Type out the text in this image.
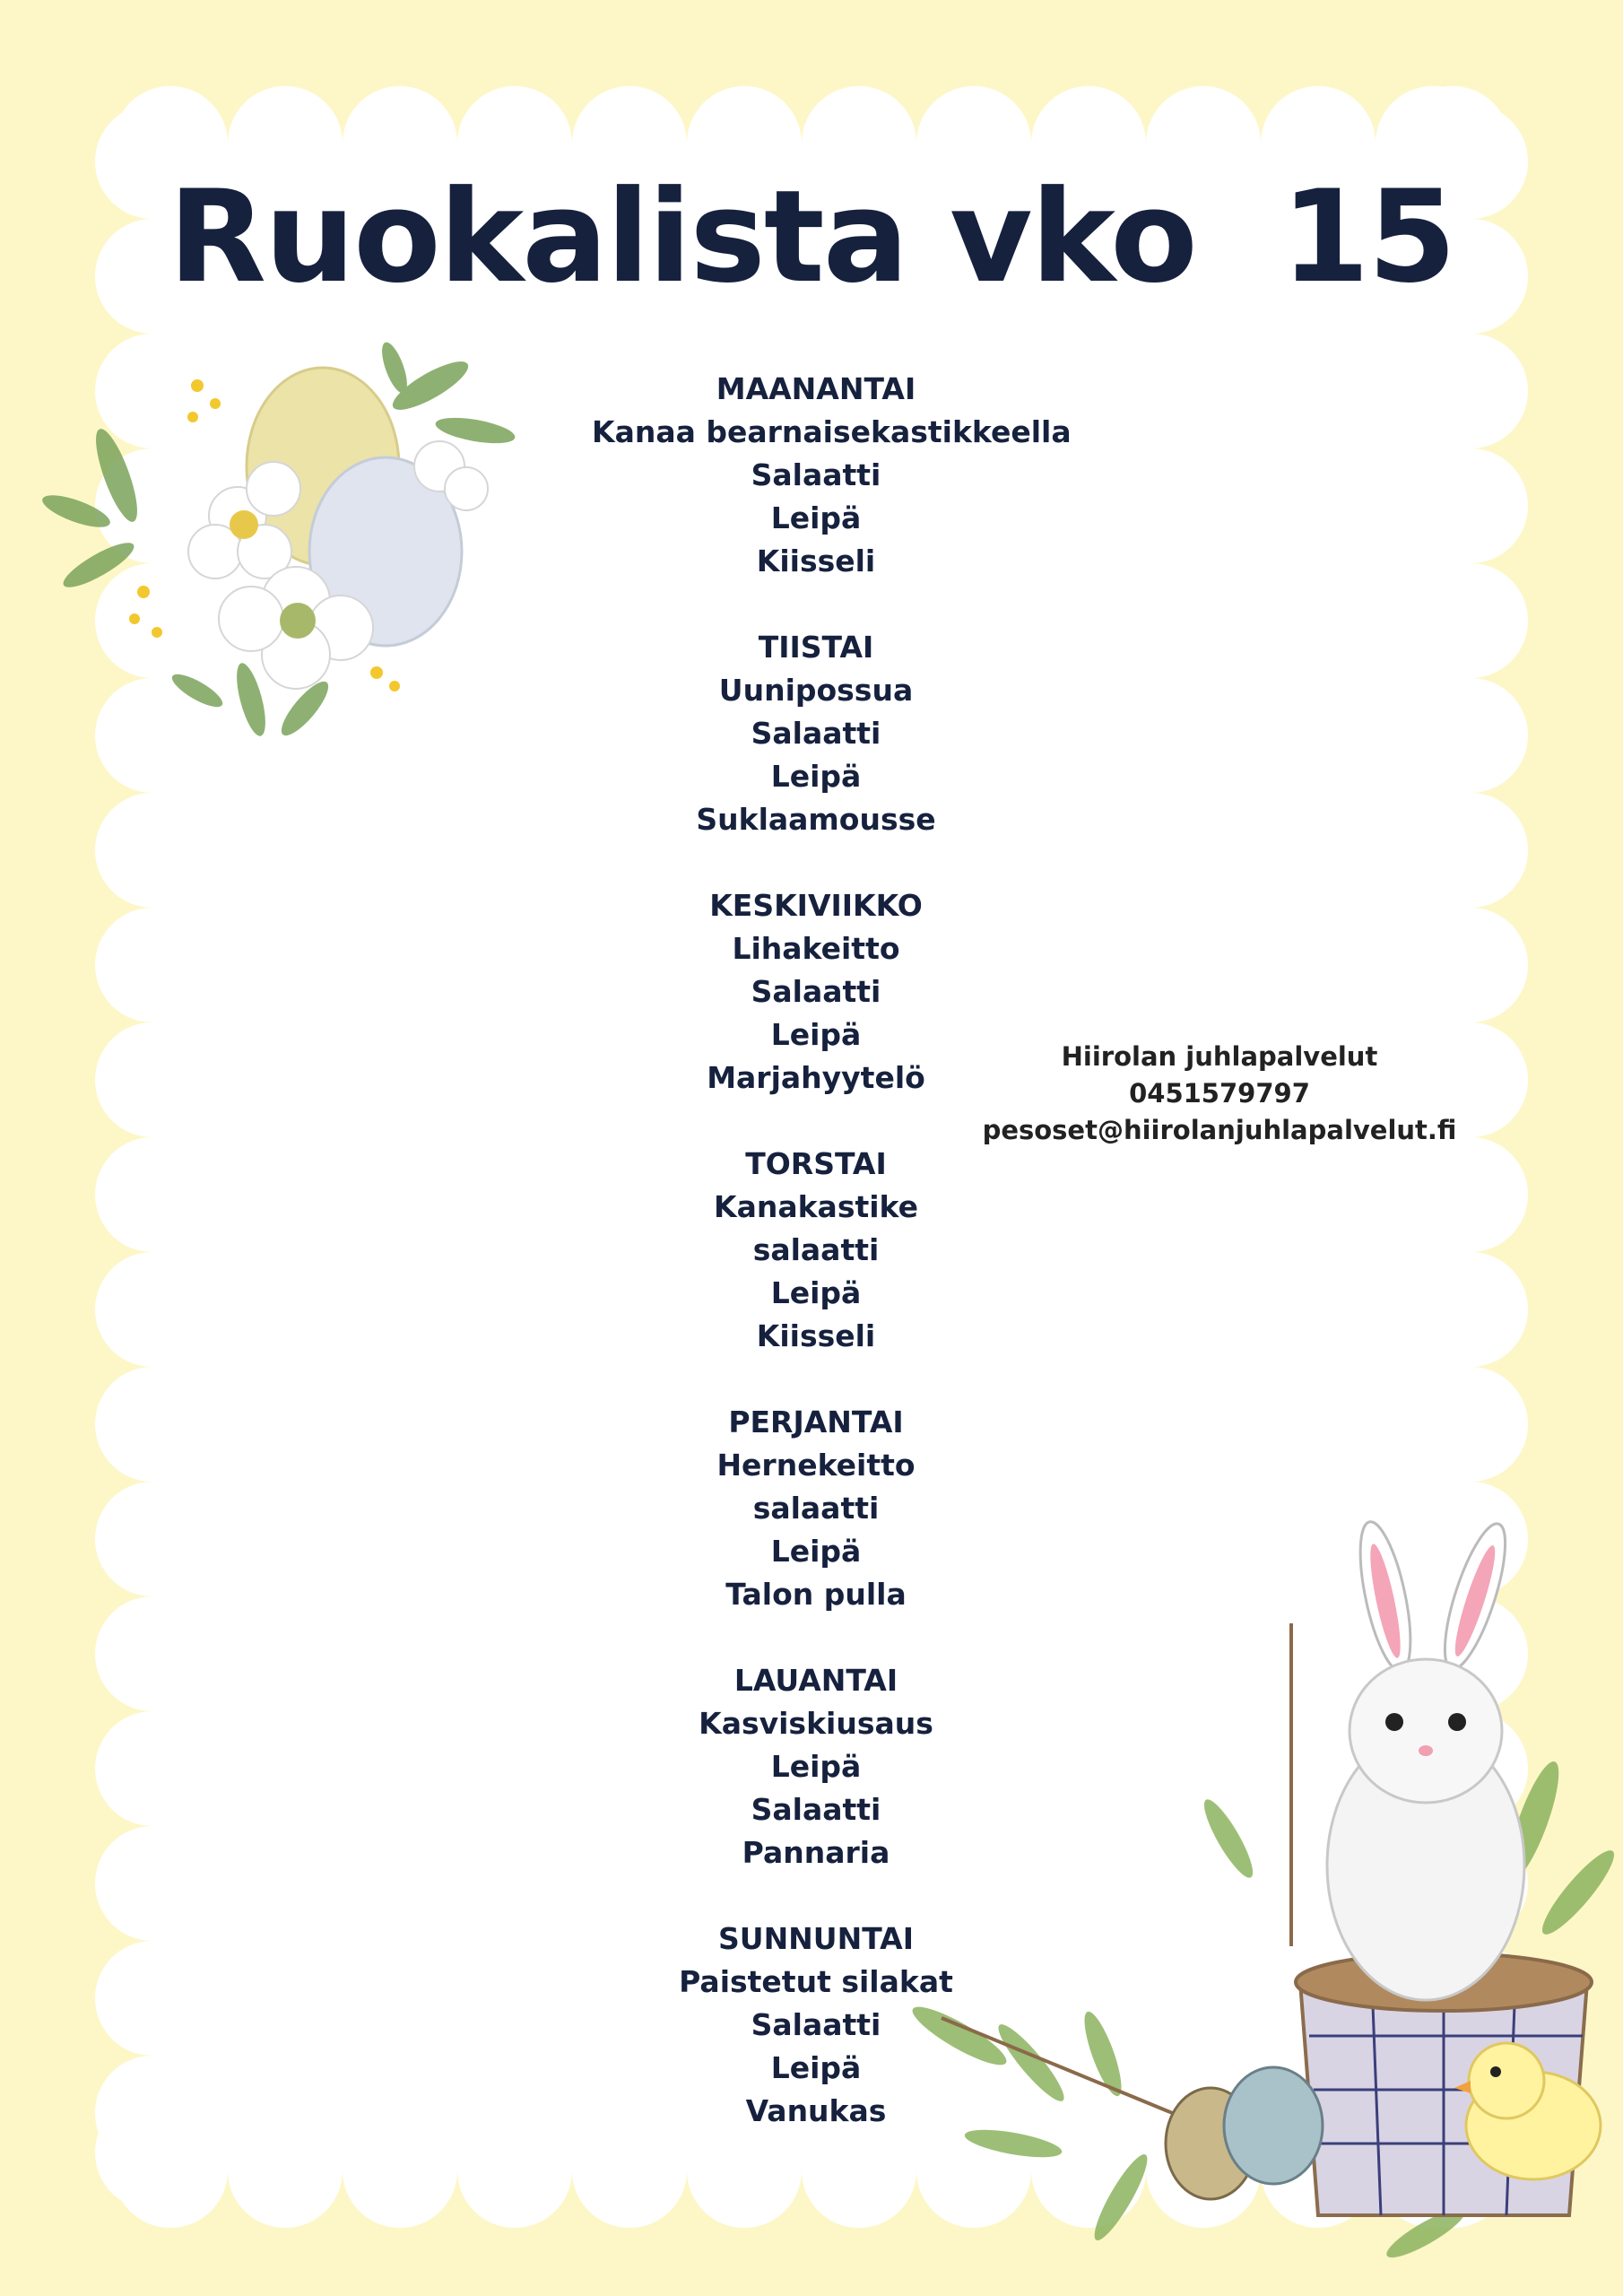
Ruokalista vko  15
MAANANTAI
Kanaa bearnaisekastikkeella
Salaatti
Leipä
Kiisseli
TIISTAI
Uunipossua
Salaatti
Leipä
Suklaamousse
KESKIVIIKKO
Lihakeitto
Salaatti
Leipä
Marjahyytelö
TORSTAI
Kanakastike
salaatti
Leipä
Kiisseli
PERJANTAI
Hernekeitto
salaatti
Leipä
Talon pulla
LAUANTAI
Kasviskiusaus
Leipä
Salaatti
Pannaria
SUNNUNTAI
Paistetut silakat
Salaatti
Leipä
Vanukas
Hiirolan juhlapalvelut
0451579797
pesoset@hiirolanjuhlapalvelut.fi
